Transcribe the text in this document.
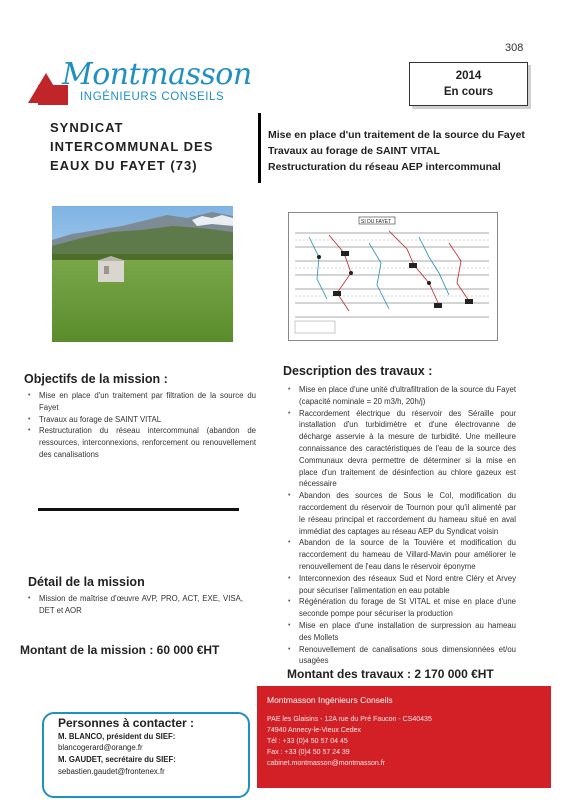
308
Montmasson
INGÉNIEURS CONSEILS
2014
En cours
SYNDICAT
INTERCOMMUNAL DES
EAUX DU FAYET (73)
Mise en place d'un traitement de la source du Fayet
Travaux au forage de SAINT VITAL
Restructuration du réseau AEP intercommunal
SI DU FAYET
Objectifs de la mission :
• Mise en place d'un traitement par filtration de la source du Fayet
• Travaux au forage de SAINT VITAL
• Restructuration du réseau intercommunal (abandon de ressources, interconnexions, renforcement ou renouvellement des canalisations
Description des travaux :
• Mise en place d'une unité d'ultrafiltration de la source du Fayet (capacité nominale = 20 m3/h, 20h/j)
• Raccordement électrique du réservoir des Séraille pour installation d'un turbidimètre et d'une électrovanne de décharge asservie à la mesure de turbidité. Une meilleure connaissance des caractéristiques de l'eau de la source des Communaux devra permettre de déterminer si la mise en place d'un traitement de désinfection au chlore gazeux est nécessaire
• Abandon des sources de Sous le Col, modification du raccordement du réservoir de Tournon pour qu'il alimenté par le réseau principal et raccordement du hameau situé en aval immédiat des captages au réseau AEP du Syndicat voisin
• Abandon de la source de la Touvière et modification du raccordement du hameau de Villard-Mavin pour améliorer le renouvellement de l'eau dans le réservoir éponyme
• Interconnexion des réseaux Sud et Nord entre Cléry et Arvey pour sécuriser l'alimentation en eau potable
• Régénération du forage de St VITAL et mise en place d'une seconde pompe pour sécuriser la production
• Mise en place d'une installation de surpression au hameau des Mollets
• Renouvellement de canalisations sous dimensionnées et/ou usagées
Détail de la mission
• Mission de maîtrise d'œuvre AVP, PRO, ACT, EXE, VISA, DET et AOR
Montant de la mission : 60 000 €HT
Montant des travaux : 2 170 000 €HT
Montmasson Ingénieurs Conseils
PAE les Glaisins - 12A rue du Pré Faucon - CS40435
74940 Annecy-le-Vieux Cedex
Tél : +33 (0)4 50 57 04 45
Fax : +33 (0)4 50 57 24 39
cabinet.montmasson@montmasson.fr
Personnes à contacter :
M. BLANCO, président du SIEF:
blancogerard@orange.fr
M. GAUDET, secrétaire du SIEF:
sebastien.gaudet@frontenex.fr
